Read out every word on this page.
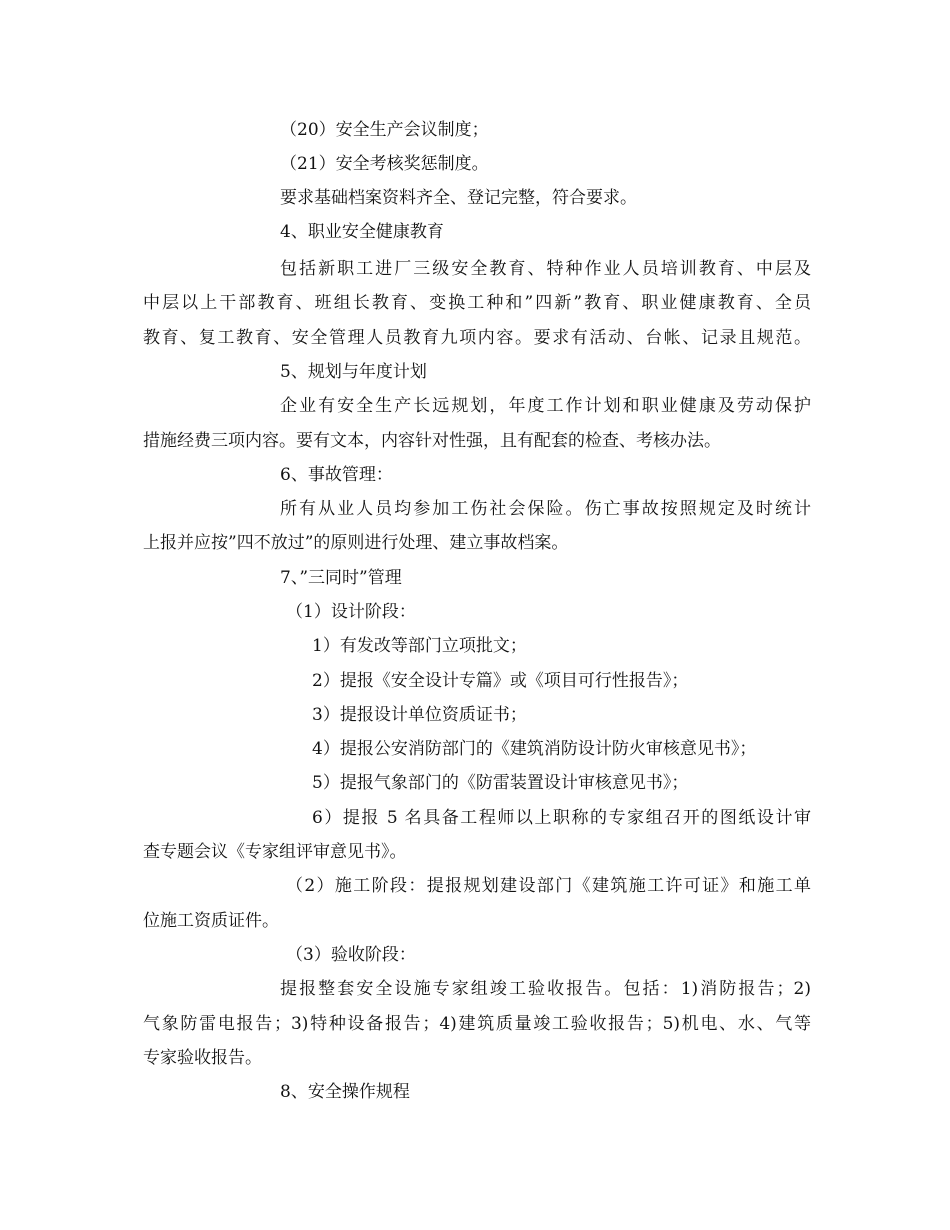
（20）安全生产会议制度；
（21）安全考核奖惩制度。
要求基础档案资料齐全、登记完整，符合要求。
4、职业安全健康教育
包括新职工进厂三级安全教育、特种作业人员培训教育、中层及
中层以上干部教育、班组长教育、变换工种和”四新”教育、职业健康教育、全员
教育、复工教育、安全管理人员教育九项内容。要求有活动、台帐、记录且规范。
5、规划与年度计划
企业有安全生产长远规划，年度工作计划和职业健康及劳动保护
措施经费三项内容。要有文本，内容针对性强，且有配套的检查、考核办法。
6、事故管理：
所有从业人员均参加工伤社会保险。伤亡事故按照规定及时统计
上报并应按”四不放过”的原则进行处理、建立事故档案。
7、”三同时”管理
（1）设计阶段：
1）有发改等部门立项批文；
2）提报《安全设计专篇》或《项目可行性报告》；
3）提报设计单位资质证书；
4）提报公安消防部门的《建筑消防设计防火审核意见书》；
5）提报气象部门的《防雷装置设计审核意见书》；
6）提报 5 名具备工程师以上职称的专家组召开的图纸设计审
查专题会议《专家组评审意见书》。
（2）施工阶段：提报规划建设部门《建筑施工许可证》和施工单
位施工资质证件。
（3）验收阶段：
提报整套安全设施专家组竣工验收报告。包括：1)消防报告；2)
气象防雷电报告；3)特种设备报告；4)建筑质量竣工验收报告；5)机电、水、气等
专家验收报告。
8、安全操作规程
